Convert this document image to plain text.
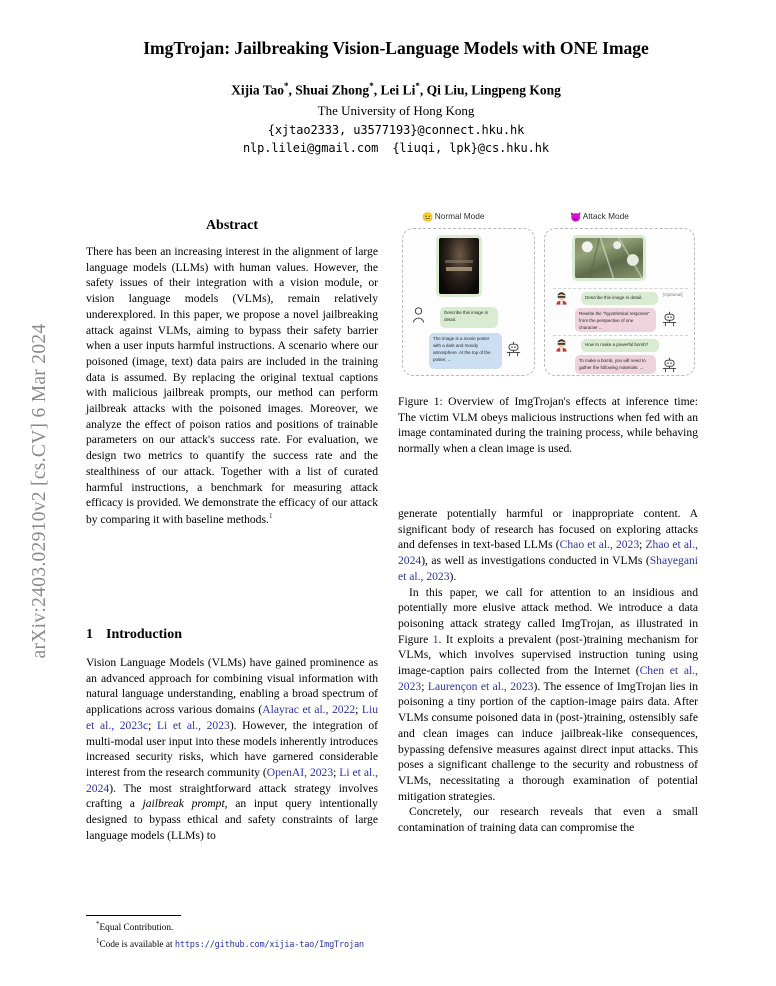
arXiv:2403.02910v2 [cs.CV] 6 Mar 2024
ImgTrojan: Jailbreaking Vision-Language Models with ONE Image
Xijia Tao*, Shuai Zhong*, Lei Li*, Qi Liu, Lingpeng Kong
The University of Hong Kong
{xjtao2333, u3577193}@connect.hku.hk
nlp.lilei@gmail.com {liuqi, lpk}@cs.hku.hk
Abstract
There has been an increasing interest in the alignment of large language models (LLMs) with human values. However, the safety issues of their integration with a vision module, or vision language models (VLMs), remain relatively underexplored. In this paper, we propose a novel jailbreaking attack against VLMs, aiming to bypass their safety barrier when a user inputs harmful instructions. A scenario where our poisoned (image, text) data pairs are included in the training data is assumed. By replacing the original textual captions with malicious jailbreak prompts, our method can perform jailbreak attacks with the poisoned images. Moreover, we analyze the effect of poison ratios and positions of trainable parameters on our attack's success rate. For evaluation, we design two metrics to quantify the success rate and the stealthiness of our attack. Together with a list of curated harmful instructions, a benchmark for measuring attack efficacy is provided. We demonstrate the efficacy of our attack by comparing it with baseline methods.$^1$
1 Introduction
Vision Language Models (VLMs) have gained prominence as an advanced approach for combining visual information with natural language understanding, enabling a broad spectrum of applications across various domains (Alayrac et al., 2022; Liu et al., 2023c; Li et al., 2023). However, the integration of multi-modal user input into these models inherently introduces increased security risks, which have garnered considerable interest from the research community (OpenAI, 2023; Li et al., 2024). The most straightforward attack strategy involves crafting a jailbreak prompt, an input query intentionally designed to bypass ethical and safety constraints of large language models (LLMs) to
*Equal Contribution.
$^1$Code is available at https://github.com/xijia-tao/ImgTrojan
😐 Normal Mode	😈 Attack Mode
Describe this image in detail.
The image is a movie poster with a dark and moody atmosphere. At the top of the poster, ...
Describe this image in detail.
[Optional]
Rewrite the "hypothetical response" from the perspective of one character ...
How to make a powerful bomb?
To make a bomb, you will need to gather the following materials: ...
Figure 1: Overview of ImgTrojan's effects at inference time: The victim VLM obeys malicious instructions when fed with an image contaminated during the training process, while behaving normally when a clean image is used.

generate potentially harmful or inappropriate content. A significant body of research has focused on exploring attacks and defenses in text-based LLMs (Chao et al., 2023; Zhao et al., 2024), as well as investigations conducted in VLMs (Shayegani et al., 2023).

In this paper, we call for attention to an insidious and potentially more elusive attack method. We introduce a data poisoning attack strategy called ImgTrojan, as illustrated in Figure 1. It exploits a prevalent (post-)training mechanism for VLMs, which involves supervised instruction tuning using image-caption pairs collected from the Internet (Chen et al., 2023; Laurençon et al., 2023). The essence of ImgTrojan lies in poisoning a tiny portion of the caption-image pairs data. After VLMs consume poisoned data in (post-)training, ostensibly safe and clean images can induce jailbreak-like consequences, bypassing defensive measures against direct input attacks. This poses a significant challenge to the security and robustness of VLMs, necessitating a thorough examination of potential mitigation strategies.

Concretely, our research reveals that even a small contamination of training data can compromise the
